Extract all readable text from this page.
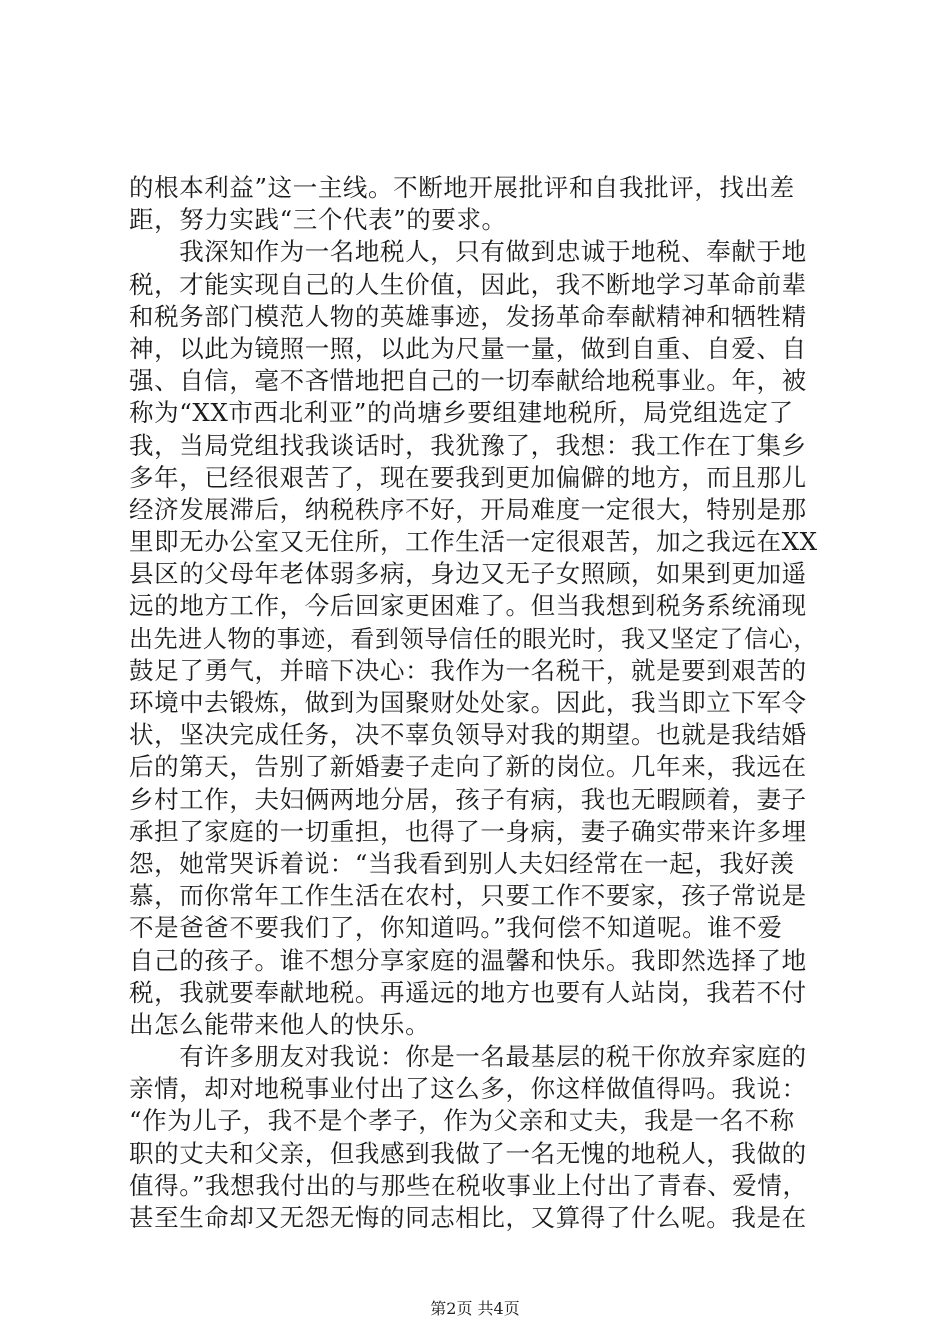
的根本利益”这一主线。不断地开展批评和自我批评，找出差
距，努力实践“三个代表”的要求。
　　我深知作为一名地税人，只有做到忠诚于地税、奉献于地
税，才能实现自己的人生价值，因此，我不断地学习革命前辈
和税务部门模范人物的英雄事迹，发扬革命奉献精神和牺牲精
神，以此为镜照一照，以此为尺量一量，做到自重、自爱、自
强、自信，毫不吝惜地把自己的一切奉献给地税事业。年，被
称为“XX市西北利亚”的尚塘乡要组建地税所，局党组选定了
我，当局党组找我谈话时，我犹豫了，我想：我工作在丁集乡
多年，已经很艰苦了，现在要我到更加偏僻的地方，而且那儿
经济发展滞后，纳税秩序不好，开局难度一定很大，特别是那
里即无办公室又无住所，工作生活一定很艰苦，加之我远在XX
县区的父母年老体弱多病，身边又无子女照顾，如果到更加遥
远的地方工作，今后回家更困难了。但当我想到税务系统涌现
出先进人物的事迹，看到领导信任的眼光时，我又坚定了信心，
鼓足了勇气，并暗下决心：我作为一名税干，就是要到艰苦的
环境中去锻炼，做到为国聚财处处家。因此，我当即立下军令
状，坚决完成任务，决不辜负领导对我的期望。也就是我结婚
后的第天，告别了新婚妻子走向了新的岗位。几年来，我远在
乡村工作，夫妇俩两地分居，孩子有病，我也无暇顾着，妻子
承担了家庭的一切重担，也得了一身病，妻子确实带来许多埋
怨，她常哭诉着说：“当我看到别人夫妇经常在一起，我好羡
慕，而你常年工作生活在农村，只要工作不要家，孩子常说是
不是爸爸不要我们了，你知道吗。”我何偿不知道呢。谁不爱
自己的孩子。谁不想分享家庭的温馨和快乐。我即然选择了地
税，我就要奉献地税。再遥远的地方也要有人站岗，我若不付
出怎么能带来他人的快乐。
　　有许多朋友对我说：你是一名最基层的税干你放弃家庭的
亲情，却对地税事业付出了这么多，你这样做值得吗。我说：
“作为儿子，我不是个孝子，作为父亲和丈夫，我是一名不称
职的丈夫和父亲，但我感到我做了一名无愧的地税人，我做的
值得。”我想我付出的与那些在税收事业上付出了青春、爱情，
甚至生命却又无怨无悔的同志相比，又算得了什么呢。我是在
第2页 共4页
